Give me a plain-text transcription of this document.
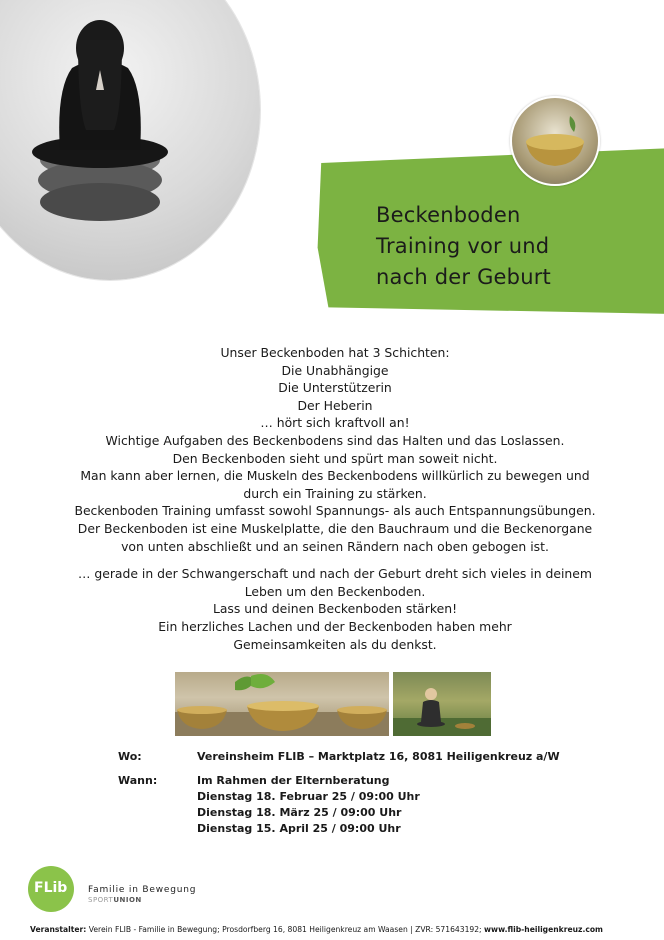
Beckenboden
Training vor und
nach der Geburt
Unser Beckenboden hat 3 Schichten:
Die Unabhängige
Die Unterstützerin
Der Heberin
… hört sich kraftvoll an!
Wichtige Aufgaben des Beckenbodens sind das Halten und das Loslassen.
Den Beckenboden sieht und spürt man soweit nicht.
Man kann aber lernen, die Muskeln des Beckenbodens willkürlich zu bewegen und
durch ein Training zu stärken.
Beckenboden Training umfasst sowohl Spannungs- als auch Entspannungsübungen.
Der Beckenboden ist eine Muskelplatte, die den Bauchraum und die Beckenorgane
von unten abschließt und an seinen Rändern nach oben gebogen ist.
… gerade in der Schwangerschaft und nach der Geburt dreht sich vieles in deinem
Leben um den Beckenboden.
Lass und deinen Beckenboden stärken!
Ein herzliches Lachen und der Beckenboden haben mehr
Gemeinsamkeiten als du denkst.
Wo:	Vereinsheim FLIB – Marktplatz 16, 8081 Heiligenkreuz a/W
Wann:	Im Rahmen der Elternberatung
Dienstag 18. Februar 25 / 09:00 Uhr
Dienstag 18. März 25 / 09:00 Uhr
Dienstag 15. April 25 / 09:00 Uhr
FLib Familie in Bewegung
SPORTUNION
Veranstalter: Verein FLIB - Familie in Bewegung; Prosdorfberg 16, 8081 Heiligenkreuz am Waasen | ZVR: 571643192; www.flib-heiligenkreuz.com
